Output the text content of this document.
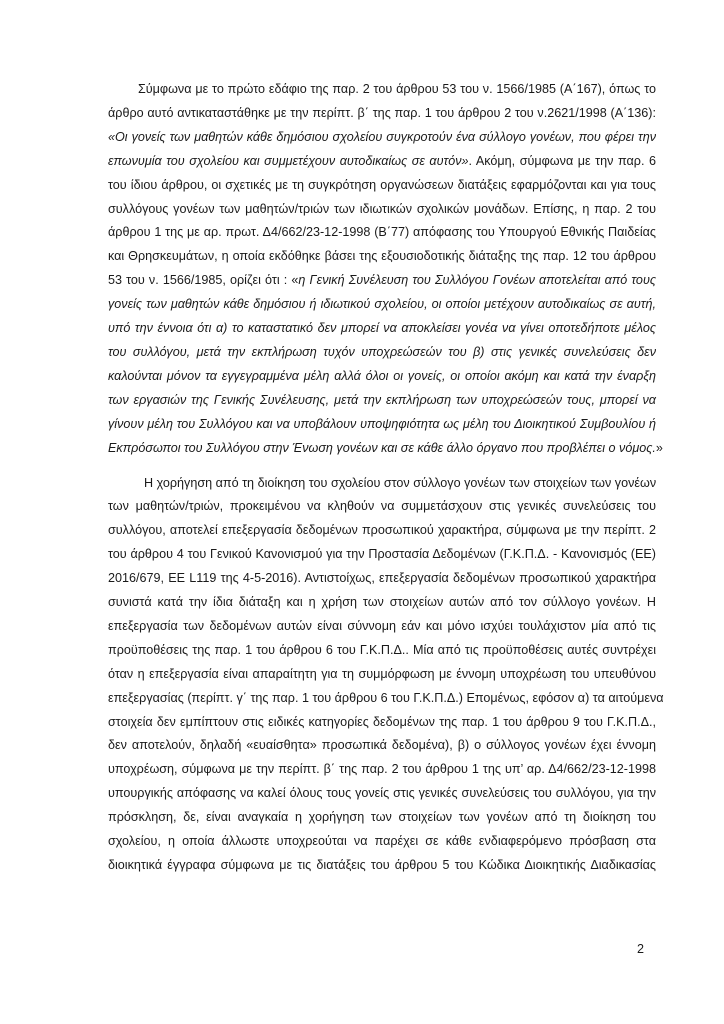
Σύμφωνα με το πρώτο εδάφιο της παρ. 2 του άρθρου 53 του ν. 1566/1985 (Α΄167), όπως το
άρθρο αυτό αντικαταστάθηκε με την περίπτ. β΄ της παρ. 1 του άρθρου 2 του ν.2621/1998 (Α΄136):
«Οι γονείς των μαθητών κάθε δημόσιου σχολείου συγκροτούν ένα σύλλογο γονέων, που φέρει την
επωνυμία του σχολείου και συμμετέχουν αυτοδικαίως σε αυτόν». Ακόμη, σύμφωνα με την παρ. 6
του ίδιου άρθρου, οι σχετικές με τη συγκρότηση οργανώσεων διατάξεις εφαρμόζονται και για τους
συλλόγους γονέων των μαθητών/τριών των ιδιωτικών σχολικών μονάδων. Επίσης, η παρ. 2 του
άρθρου 1 της με αρ. πρωτ. Δ4/662/23-12-1998 (Β΄77) απόφασης του Υπουργού Εθνικής Παιδείας
και Θρησκευμάτων, η οποία εκδόθηκε βάσει της εξουσιοδοτικής διάταξης της παρ. 12 του άρθρου
53 του ν. 1566/1985, ορίζει ότι : «η Γενική Συνέλευση του Συλλόγου Γονέων αποτελείται από τους
γονείς των μαθητών κάθε δημόσιου ή ιδιωτικού σχολείου, οι οποίοι μετέχουν αυτοδικαίως σε αυτή,
υπό την έννοια ότι α) το καταστατικό δεν μπορεί να αποκλείσει γονέα να γίνει οποτεδήποτε μέλος
του συλλόγου, μετά την εκπλήρωση τυχόν υποχρεώσεών του β) στις γενικές συνελεύσεις δεν
καλούνται μόνον τα εγγεγραμμένα μέλη αλλά όλοι οι γονείς, οι οποίοι ακόμη και κατά την έναρξη
των εργασιών της Γενικής Συνέλευσης, μετά την εκπλήρωση των υποχρεώσεών τους, μπορεί να
γίνουν μέλη του Συλλόγου και να υποβάλουν υποψηφιότητα ως μέλη του Διοικητικού Συμβουλίου ή
Εκπρόσωποι του Συλλόγου στην Ένωση γονέων και σε κάθε άλλο όργανο που προβλέπει ο νόμος.»

Η χορήγηση από τη διοίκηση του σχολείου στον σύλλογο γονέων των στοιχείων των γονέων
των μαθητών/τριών, προκειμένου να κληθούν να συμμετάσχουν στις γενικές συνελεύσεις του
συλλόγου, αποτελεί επεξεργασία δεδομένων προσωπικού χαρακτήρα, σύμφωνα με την περίπτ. 2
του άρθρου 4 του Γενικού Κανονισμού για την Προστασία Δεδομένων (Γ.Κ.Π.Δ. - Κανονισμός (ΕΕ)
2016/679, ΕΕ L119 της 4-5-2016). Αντιστοίχως, επεξεργασία δεδομένων προσωπικού χαρακτήρα
συνιστά κατά την ίδια διάταξη και η χρήση των στοιχείων αυτών από τον σύλλογο γονέων. Η
επεξεργασία των δεδομένων αυτών είναι σύννομη εάν και μόνο ισχύει τουλάχιστον μία από τις
προϋποθέσεις της παρ. 1 του άρθρου 6 του Γ.Κ.Π.Δ.. Μία από τις προϋποθέσεις αυτές συντρέχει
όταν η επεξεργασία είναι απαραίτητη για τη συμμόρφωση με έννομη υποχρέωση του υπευθύνου
επεξεργασίας (περίπτ. γ΄ της παρ. 1 του άρθρου 6 του Γ.Κ.Π.Δ.) Επομένως, εφόσον α) τα αιτούμενα
στοιχεία δεν εμπίπτουν στις ειδικές κατηγορίες δεδομένων της παρ. 1 του άρθρου 9 του Γ.Κ.Π.Δ.,
δεν αποτελούν, δηλαδή «ευαίσθητα» προσωπικά δεδομένα), β) ο σύλλογος γονέων έχει έννομη
υποχρέωση, σύμφωνα με την περίπτ. β΄ της παρ. 2 του άρθρου 1 της υπ’ αρ. Δ4/662/23-12-1998
υπουργικής απόφασης να καλεί όλους τους γονείς στις γενικές συνελεύσεις του συλλόγου, για την
πρόσκληση, δε, είναι αναγκαία η χορήγηση των στοιχείων των γονέων από τη διοίκηση του
σχολείου, η οποία άλλωστε υποχρεούται να παρέχει σε κάθε ενδιαφερόμενο πρόσβαση στα
διοικητικά έγγραφα σύμφωνα με τις διατάξεις του άρθρου 5 του Κώδικα Διοικητικής Διαδικασίας

2
